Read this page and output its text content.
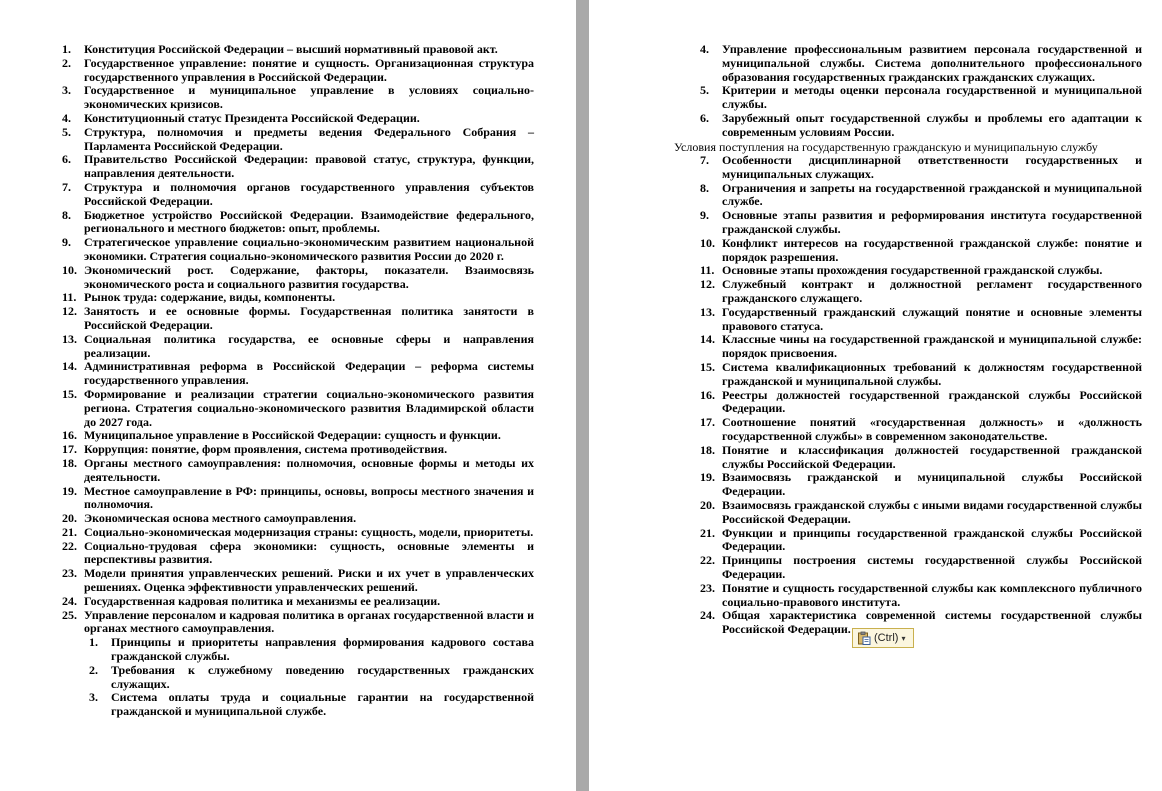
1.	Конституция Российской Федерации – высший нормативный правовой акт.
2.	Государственное управление: понятие и сущность. Организационная структура государственного управления в Российской Федерации.
3.	Государственное и муниципальное управление в условиях социально-экономических кризисов.
4.	Конституционный статус Президента Российской Федерации.
5.	Структура, полномочия и предметы ведения Федерального Собрания – Парламента Российской Федерации.
6.	Правительство Российской Федерации: правовой статус, структура, функции, направления деятельности.
7.	Структура и полномочия органов государственного управления субъектов Российской Федерации.
8.	Бюджетное устройство Российской Федерации. Взаимодействие федерального, регионального и местного бюджетов: опыт, проблемы.
9.	Стратегическое управление социально-экономическим развитием национальной экономики. Стратегия социально-экономического развития России до 2020 г.
10. Экономический рост. Содержание, факторы, показатели. Взаимосвязь экономического роста и социального развития государства.
11. Рынок труда: содержание, виды, компоненты.
12. Занятость и ее основные формы. Государственная политика занятости в Российской Федерации.
13. Социальная политика государства, ее основные сферы и направления реализации.
14. Административная реформа в Российской Федерации – реформа системы государственного управления.
15. Формирование и реализации стратегии социально-экономического развития региона. Стратегия социально-экономического развития Владимирской области до 2027 года.
16. Муниципальное управление в Российской Федерации: сущность и функции.
17. Коррупция: понятие, форм проявления, система противодействия.
18. Органы местного самоуправления: полномочия, основные формы и методы их деятельности.
19. Местное самоуправление в РФ: принципы, основы, вопросы местного значения и полномочия.
20. Экономическая основа местного самоуправления.
21. Социально-экономическая модернизация страны: сущность, модели, приоритеты.
22. Социально-трудовая сфера экономики: сущность, основные элементы и перспективы развития.
23. Модели принятия управленческих решений. Риски и их учет в управленческих решениях. Оценка эффективности управленческих решений.
24. Государственная кадровая политика и механизмы ее реализации.
25. Управление персоналом и кадровая политика в органах государственной власти и органах местного самоуправления.
1.	Принципы и приоритеты направления формирования кадрового состава гражданской службы.
2.	Требования к служебному поведению государственных гражданских служащих.
3.	Система оплаты труда и социальные гарантии на государственной гражданской и муниципальной службе.
4.	Управление профессиональным развитием персонала государственной и муниципальной службы. Система дополнительного профессионального образования государственных гражданских гражданских служащих.
5.	Критерии и методы оценки персонала государственной и муниципальной службы.
6.	Зарубежный опыт государственной службы и проблемы его адаптации к современным условиям России.
Условия поступления на государственную гражданскую и муниципальную службу
7.	Особенности дисциплинарной ответственности государственных и муниципальных служащих.
8.	Ограничения и запреты на государственной гражданской и муниципальной службе.
9.	Основные этапы развития и реформирования института государственной гражданской службы.
10. Конфликт интересов на государственной гражданской службе: понятие и порядок разрешения.
11. Основные этапы прохождения государственной гражданской службы.
12. Служебный контракт и должностной регламент государственного гражданского служащего.
13. Государственный гражданский служащий понятие и основные элементы правового статуса.
14. Классные чины на государственной гражданской и муниципальной службе: порядок присвоения.
15. Система квалификационных требований к должностям государственной гражданской и муниципальной службы.
16. Реестры должностей государственной гражданской службы Российской Федерации.
17. Соотношение понятий «государственная должность» и «должность государственной службы» в современном законодательстве.
18. Понятие и классификация должностей государственной гражданской службы Российской Федерации.
19. Взаимосвязь гражданской и муниципальной службы Российской Федерации.
20. Взаимосвязь гражданской службы с иными видами государственной службы Российской Федерации.
21. Функции и принципы государственной гражданской службы Российской Федерации.
22. Принципы построения системы государственной службы Российской Федерации.
23. Понятие и сущность государственной службы как комплексного публичного социально-правового института.
24. Общая характеристика современной системы государственной службы Российской Федерации.
(Ctrl) ▾
